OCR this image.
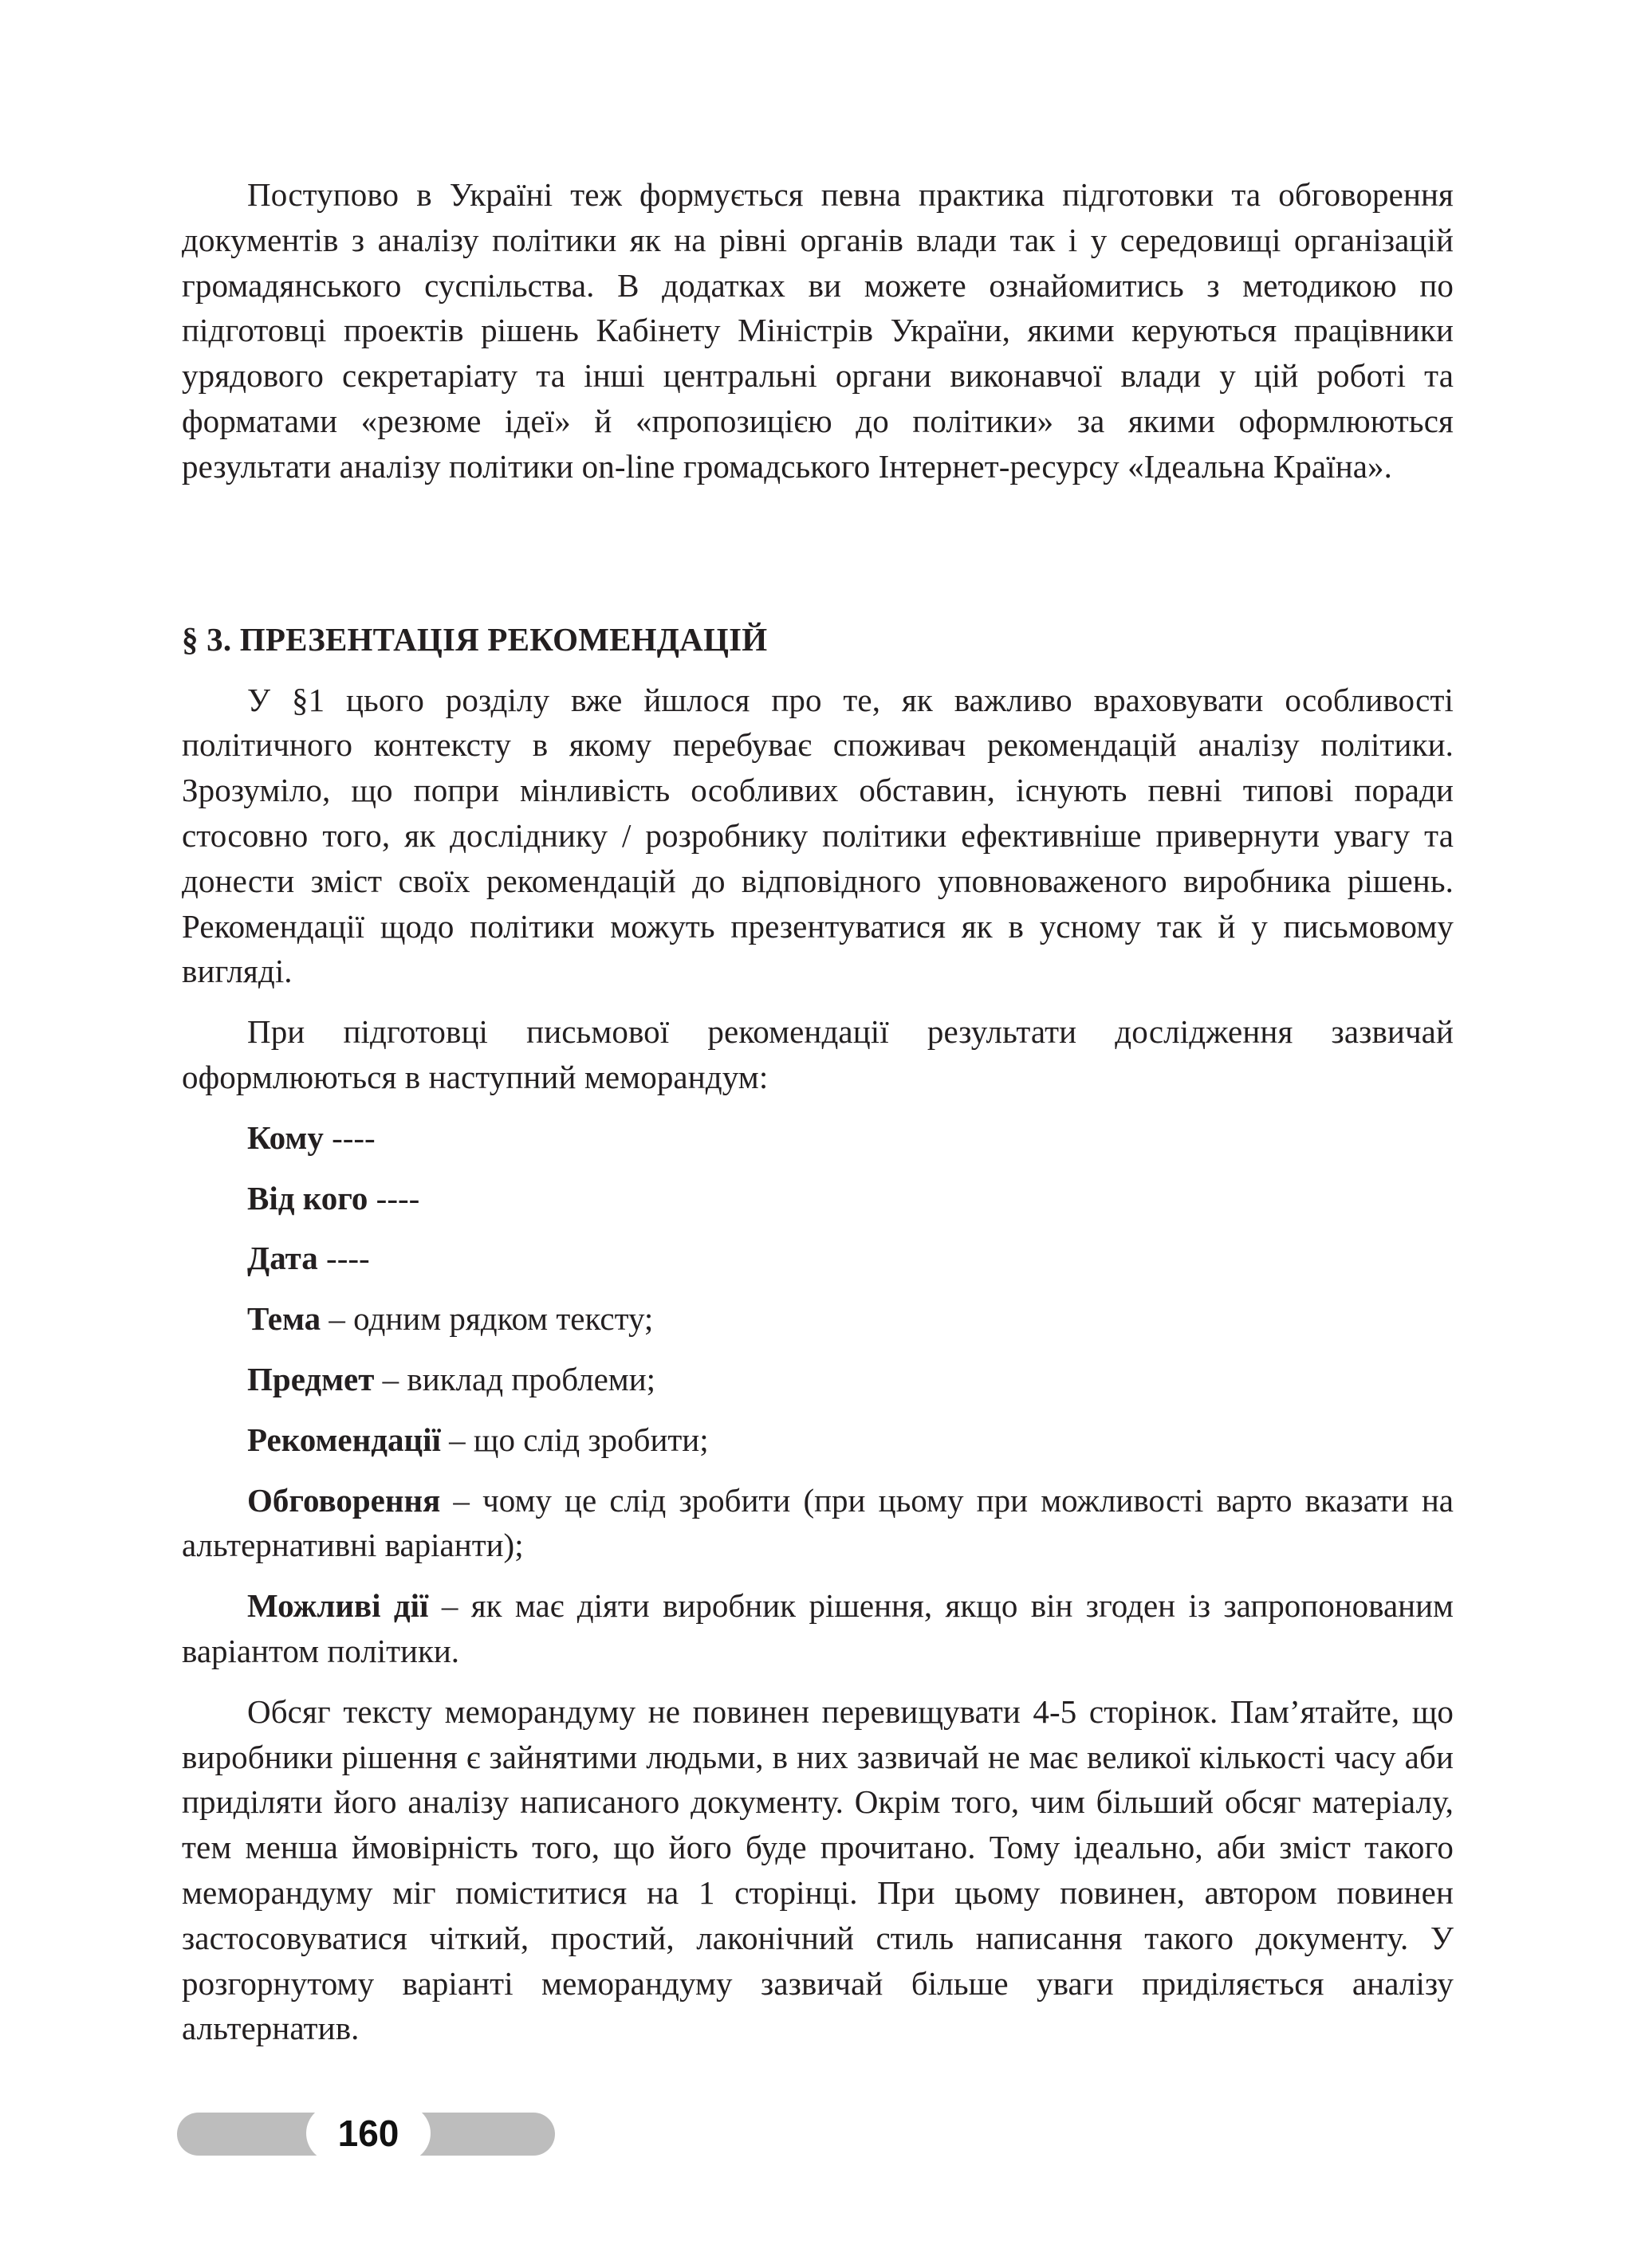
Поступово в Україні теж формується певна практика підготовки та обговорення документів з аналізу політики як на рівні органів влади так і у середовищі організацій громадянського суспільства. В додатках ви можете ознайомитись з методикою по підготовці проектів рішень Кабінету Міністрів України, якими керуються працівники урядового секретаріату та інші центральні органи виконавчої влади у цій роботі та форматами «резюме ідеї» й «пропозицією до політики» за якими оформлюються результати аналізу політики on-line громадського Інтернет-ресурсу «Ідеальна Країна».

§ 3. ПРЕЗЕНТАЦІЯ РЕКОМЕНДАЦІЙ

У §1 цього розділу вже йшлося про те, як важливо враховувати особливості політичного контексту в якому перебуває споживач рекомендацій аналізу політики. Зрозуміло, що попри мінливість особливих обставин, існують певні типові поради стосовно того, як досліднику / розробнику політики ефективніше привернути увагу та донести зміст своїх рекомендацій до відповідного уповноваженого виробника рішень. Рекомендації щодо політики можуть презентуватися як в усному так й у письмовому вигляді.

При підготовці письмової рекомендації результати дослідження зазвичай оформлюються в наступний меморандум:

Кому ----

Від кого ----

Дата ----

Тема – одним рядком тексту;

Предмет – виклад проблеми;

Рекомендації – що слід зробити;

Обговорення – чому це слід зробити (при цьому при можливості варто вказати на альтернативні варіанти);

Можливі дії – як має діяти виробник рішення, якщо він згоден із запропонованим варіантом політики.

Обсяг тексту меморандуму не повинен перевищувати 4-5 сторінок. Пам’ятайте, що виробники рішення є зайнятими людьми, в них зазвичай не має великої кількості часу аби приділяти його аналізу написаного документу. Окрім того, чим більший обсяг матеріалу, тем менша ймовірність того, що його буде прочитано. Тому ідеально, аби зміст такого меморандуму міг поміститися на 1 сторінці. При цьому повинен, автором повинен застосовуватися чіткий, простий, лаконічний стиль написання такого документу. У розгорнутому варіанті меморандуму зазвичай більше уваги приділяється аналізу альтернатив.

160
